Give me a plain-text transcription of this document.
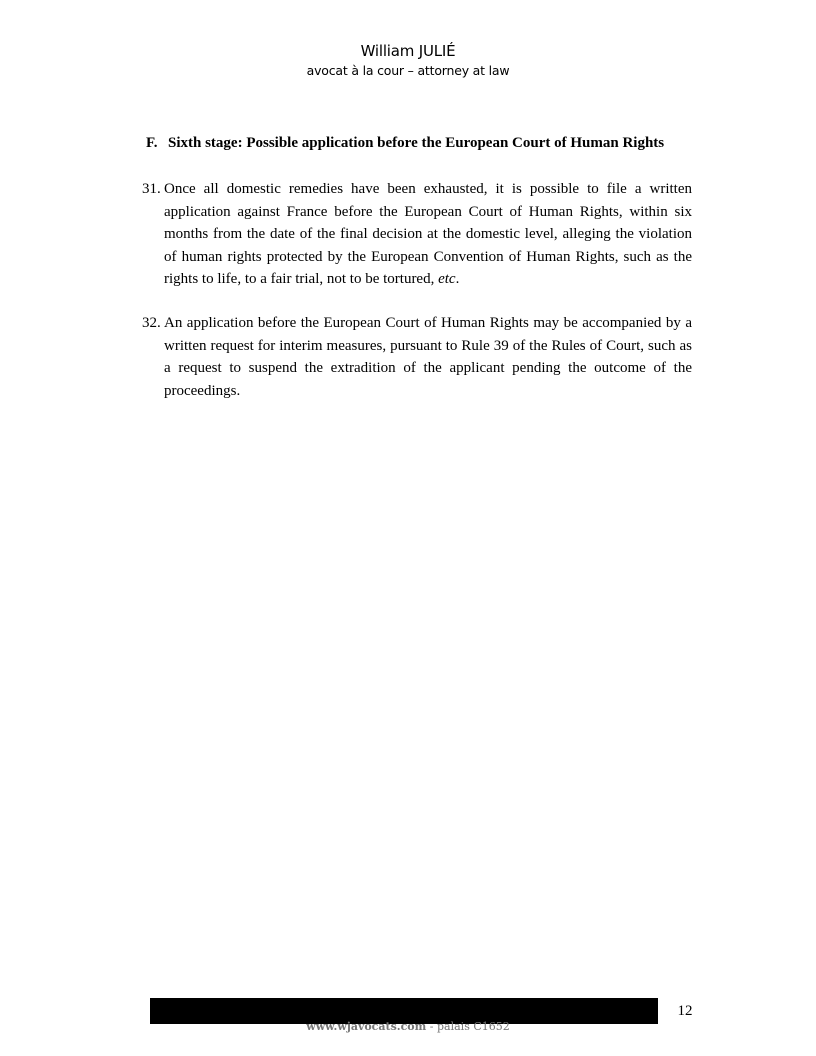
William JULIÉ
avocat à la cour – attorney at law
F. Sixth stage: Possible application before the European Court of Human Rights
31. Once all domestic remedies have been exhausted, it is possible to file a written application against France before the European Court of Human Rights, within six months from the date of the final decision at the domestic level, alleging the violation of human rights protected by the European Convention of Human Rights, such as the rights to life, to a fair trial, not to be tortured, etc.
32. An application before the European Court of Human Rights may be accompanied by a written request for interim measures, pursuant to Rule 39 of the Rules of Court, such as a request to suspend the extradition of the applicant pending the outcome of the proceedings.
12
www.wjavocats.com - palais C1652
